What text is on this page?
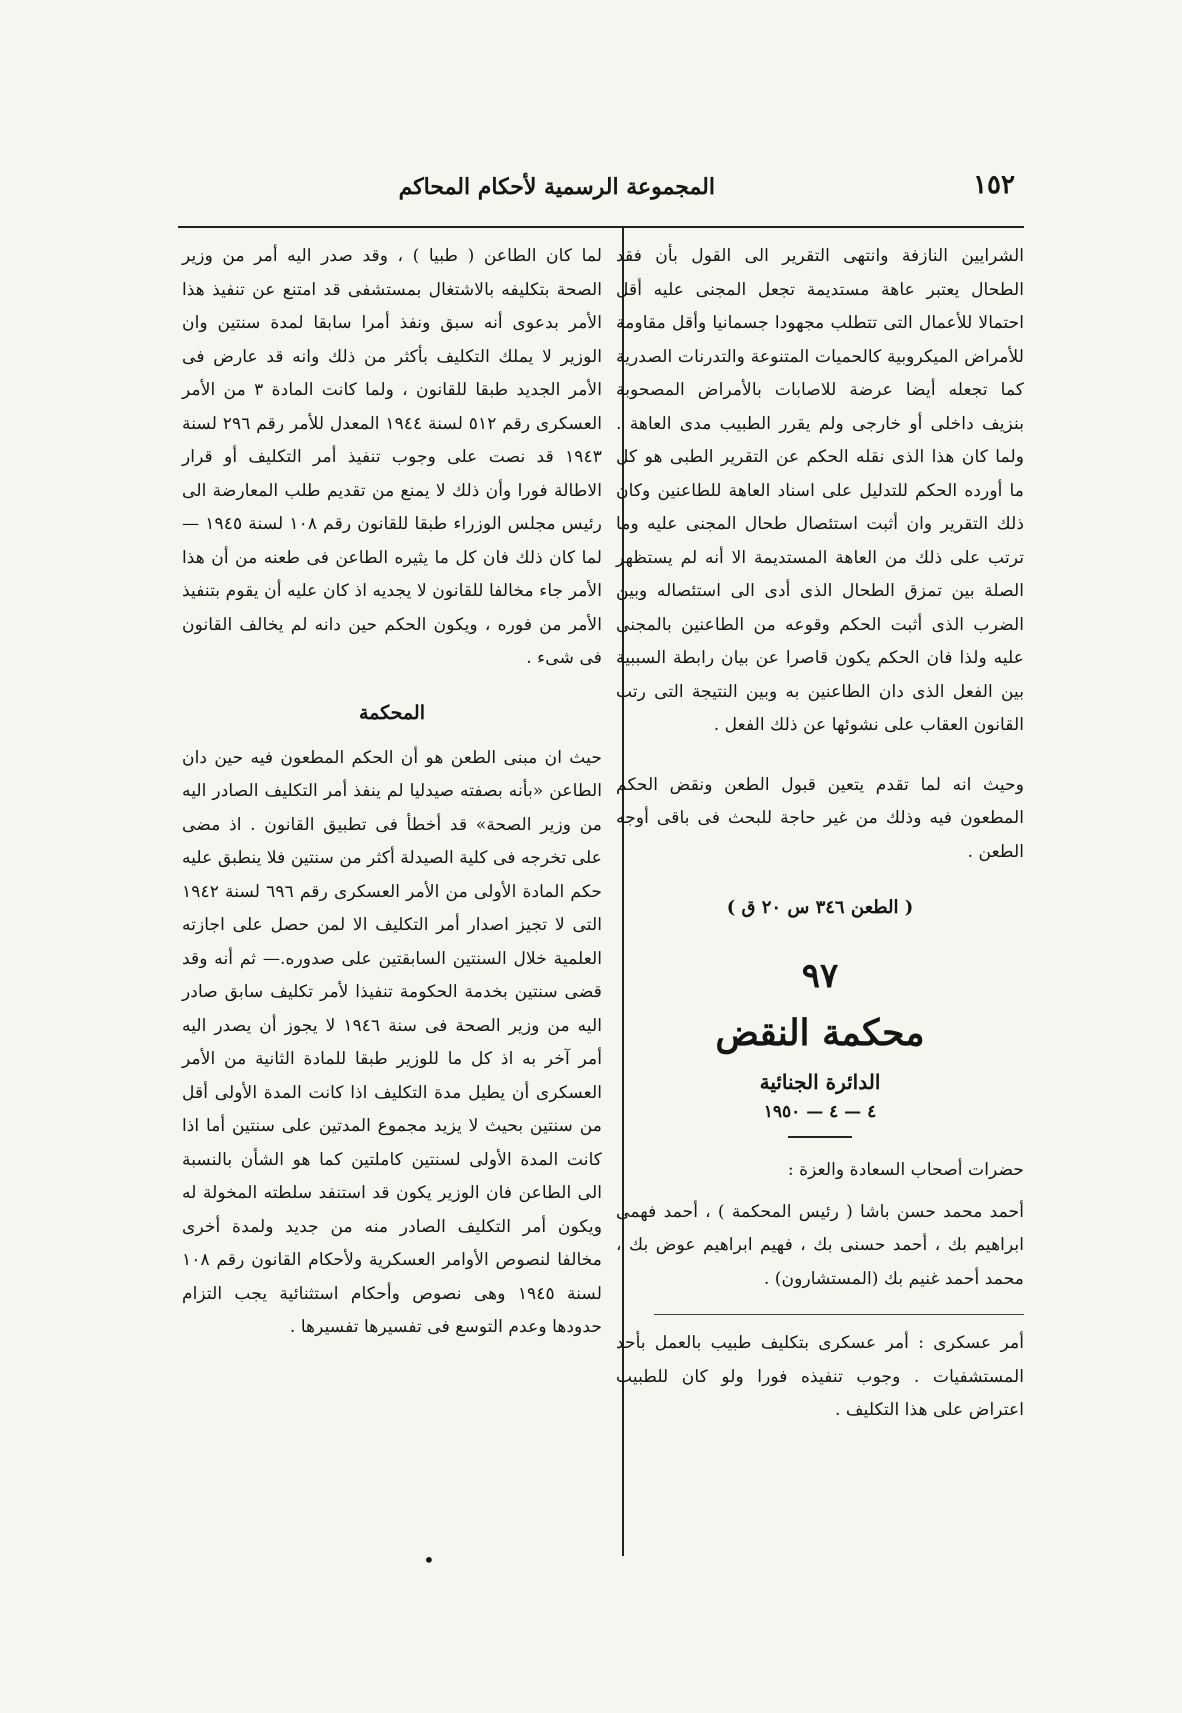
١٥٢
المجموعة الرسمية لأحكام المحاكم

الشرايين النازفة وانتهى التقرير الى القول بأن فقد الطحال يعتبر عاهة مستديمة تجعل المجنى عليه أقل احتمالا للأعمال التى تتطلب مجهودا جسمانيا وأقل مقاومة للأمراض الميكروبية كالحميات المتنوعة والتدرنات الصدرية كما تجعله أيضا عرضة للاصابات بالأمراض المصحوبة بنزيف داخلى أو خارجى ولم يقرر الطبيب مدى العاهة . ولما كان هذا الذى نقله الحكم عن التقرير الطبى هو كل ما أورده الحكم للتدليل على اسناد العاهة للطاعنين وكان ذلك التقرير وان أثبت استئصال طحال المجنى عليه وما ترتب على ذلك من العاهة المستديمة الا أنه لم يستظهر الصلة بين تمزق الطحال الذى أدى الى استئصاله وبين الضرب الذى أثبت الحكم وقوعه من الطاعنين بالمجنى عليه ولذا فان الحكم يكون قاصرا عن بيان رابطة السببية بين الفعل الذى دان الطاعنين به وبين النتيجة التى رتب القانون العقاب على نشوئها عن ذلك الفعل .

وحيث انه لما تقدم يتعين قبول الطعن ونقض الحكم المطعون فيه وذلك من غير حاجة للبحث فى باقى أوجه الطعن .

( الطعن ٣٤٦ س ٢٠ ق )

٩٧
محكمة النقض
الدائرة الجنائية
٤ — ٤ — ١٩٥٠
حضرات أصحاب السعادة والعزة :
أحمد محمد حسن باشا ( رئيس المحكمة ) ، أحمد فهمى ابراهيم بك ، أحمد حسنى بك ، فهيم ابراهيم عوض بك ، محمد أحمد غنيم بك (المستشارون) .

أمر عسكرى : أمر عسكرى بتكليف طبيب بالعمل بأحد المستشفيات . وجوب تنفيذه فورا ولو كان للطبيب اعتراض على هذا التكليف .

لما كان الطاعن ( طبيا ) ، وقد صدر اليه أمر من وزير الصحة بتكليفه بالاشتغال بمستشفى قد امتنع عن تنفيذ هذا الأمر بدعوى أنه سبق ونفذ أمرا سابقا لمدة سنتين وان الوزير لا يملك التكليف بأكثر من ذلك وانه قد عارض فى الأمر الجديد طبقا للقانون ، ولما كانت المادة ٣ من الأمر العسكرى رقم ٥١٢ لسنة ١٩٤٤ المعدل للأمر رقم ٢٩٦ لسنة ١٩٤٣ قد نصت على وجوب تنفيذ أمر التكليف أو قرار الاطالة فورا وأن ذلك لا يمنع من تقديم طلب المعارضة الى رئيس مجلس الوزراء طبقا للقانون رقم ١٠٨ لسنة ١٩٤٥ — لما كان ذلك فان كل ما يثيره الطاعن فى طعنه من أن هذا الأمر جاء مخالفا للقانون لا يجديه اذ كان عليه أن يقوم بتنفيذ الأمر من فوره ، ويكون الحكم حين دانه لم يخالف القانون فى شىء .

المحكمة

حيث ان مبنى الطعن هو أن الحكم المطعون فيه حين دان الطاعن «بأنه بصفته صيدليا لم ينفذ أمر التكليف الصادر اليه من وزير الصحة» قد أخطأ فى تطبيق القانون . اذ مضى على تخرجه فى كلية الصيدلة أكثر من سنتين فلا ينطبق عليه حكم المادة الأولى من الأمر العسكرى رقم ٦٩٦ لسنة ١٩٤٢ التى لا تجيز اصدار أمر التكليف الا لمن حصل على اجازته العلمية خلال السنتين السابقتين على صدوره.— ثم أنه وقد قضى سنتين بخدمة الحكومة تنفيذا لأمر تكليف سابق صادر اليه من وزير الصحة فى سنة ١٩٤٦ لا يجوز أن يصدر اليه أمر آخر به اذ كل ما للوزير طبقا للمادة الثانية من الأمر العسكرى أن يطيل مدة التكليف اذا كانت المدة الأولى أقل من سنتين بحيث لا يزيد مجموع المدتين على سنتين أما اذا كانت المدة الأولى لسنتين كاملتين كما هو الشأن بالنسبة الى الطاعن فان الوزير يكون قد استنفد سلطته المخولة له ويكون أمر التكليف الصادر منه من جديد ولمدة أخرى مخالفا لنصوص الأوامر العسكرية ولأحكام القانون رقم ١٠٨ لسنة ١٩٤٥ وهى نصوص وأحكام استثنائية يجب التزام حدودها وعدم التوسع فى تفسيرها تفسيرها .

•
